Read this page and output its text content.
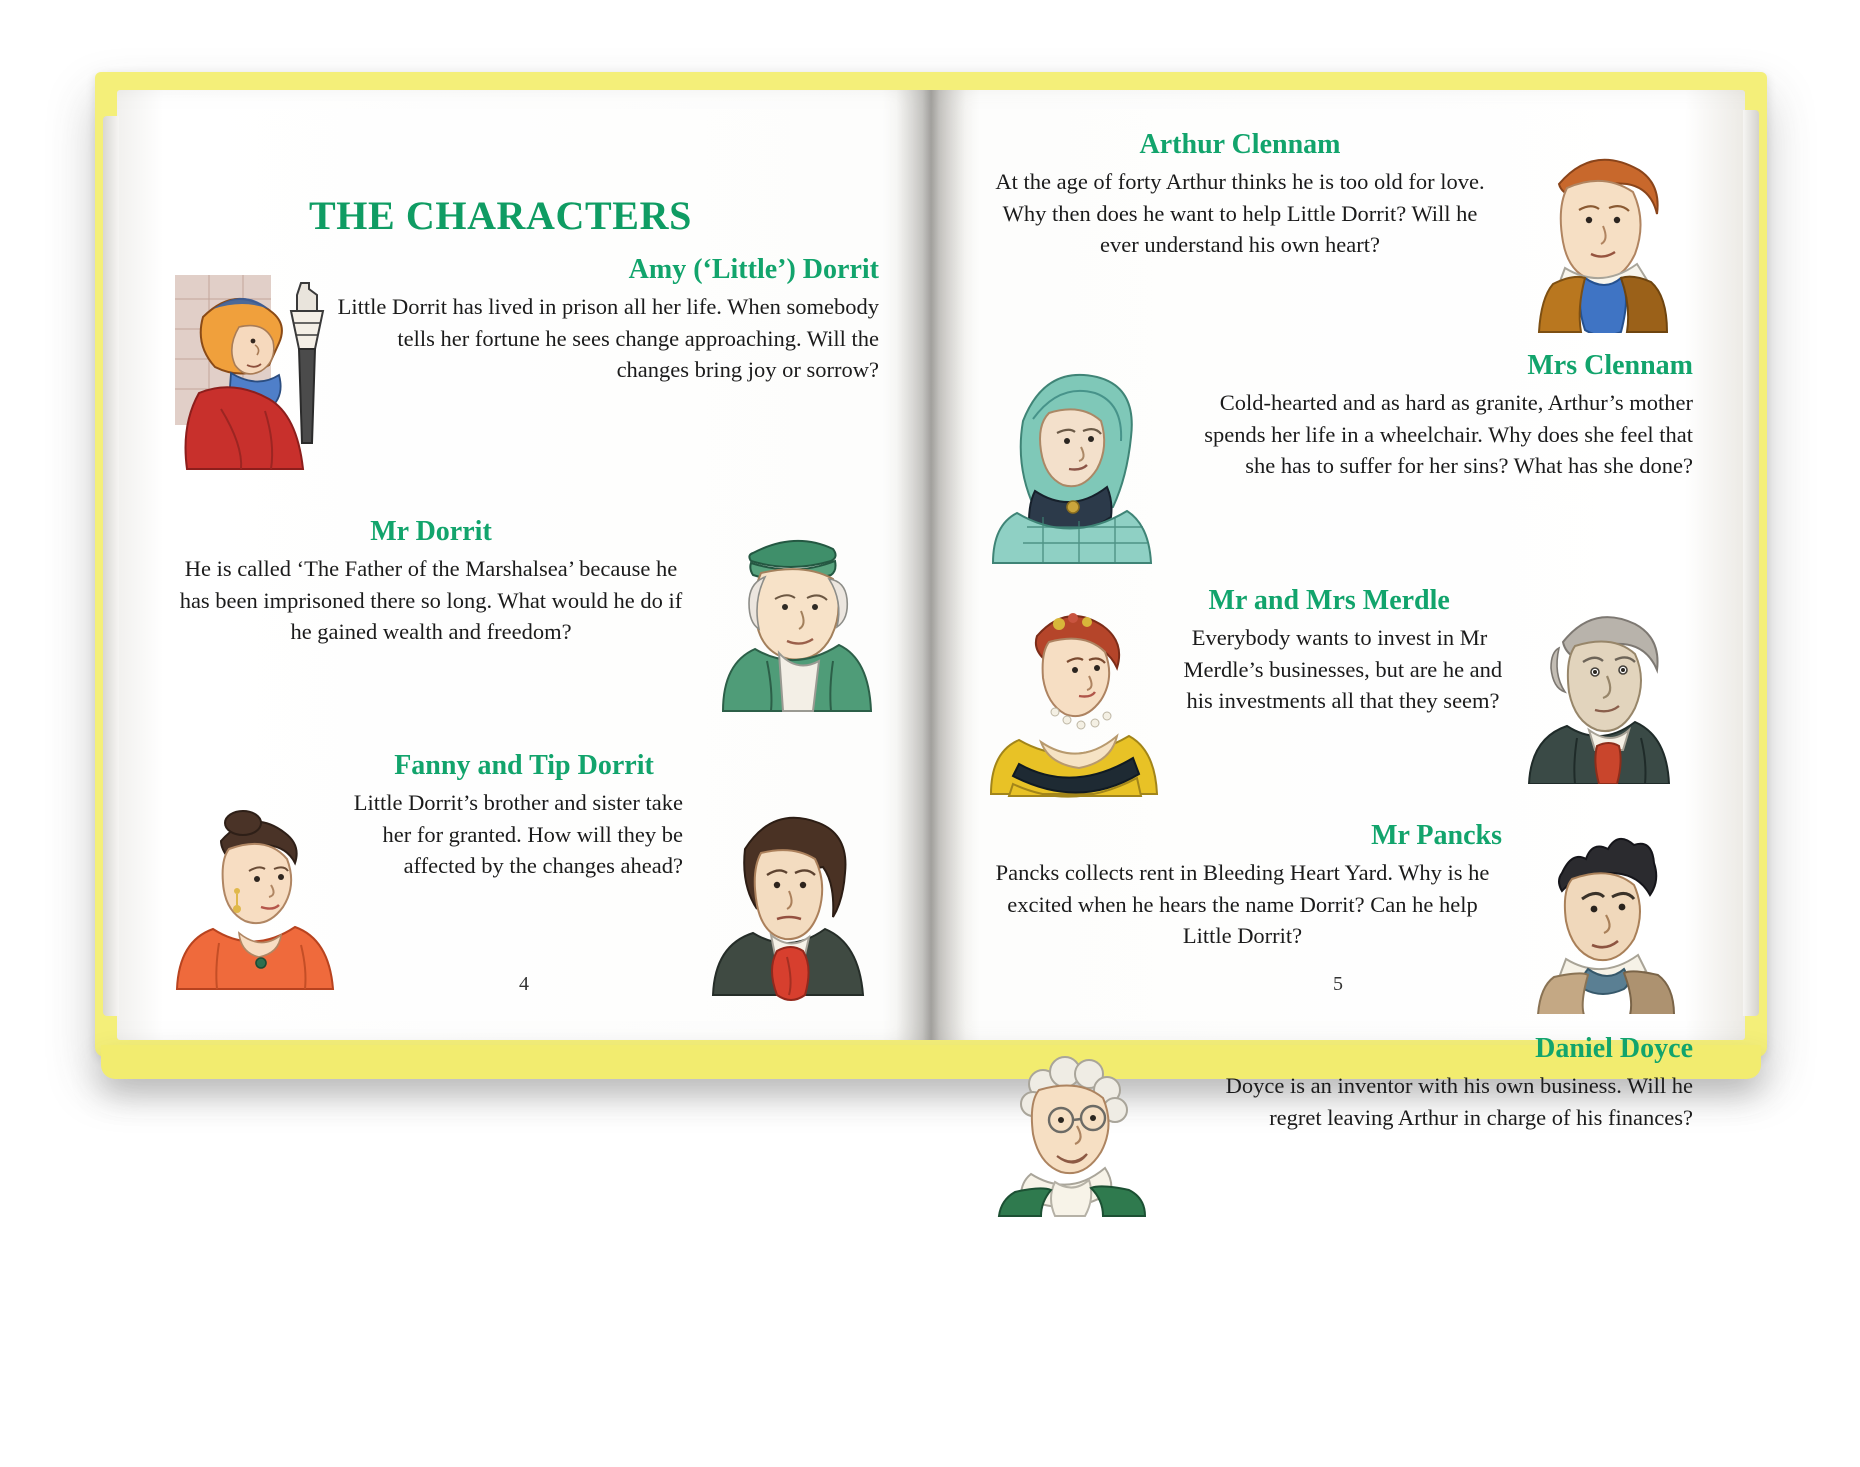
THE CHARACTERS
Amy (‘Little’) Dorrit

Little Dorrit has lived in prison all her life. When somebody tells her fortune he sees change approaching. Will the changes bring joy or sorrow?

Mr Dorrit

He is called ‘The Father of the Marshalsea’ because he has been imprisoned there so long. What would he do if he gained wealth and freedom?

Fanny and Tip Dorrit

Little Dorrit’s brother and sister take her for granted. How will they be affected by the changes ahead?

4
Arthur Clennam

At the age of forty Arthur thinks he is too old for love. Why then does he want to help Little Dorrit? Will he ever understand his own heart?

Mrs Clennam

Cold-hearted and as hard as granite, Arthur’s mother spends her life in a wheelchair. Why does she feel that she has to suffer for her sins? What has she done?

Mr and Mrs Merdle

Everybody wants to invest in Mr Merdle’s businesses, but are he and his investments all that they seem?

Mr Pancks

Pancks collects rent in Bleeding Heart Yard. Why is he excited when he hears the name Dorrit? Can he help Little Dorrit?

Daniel Doyce

Doyce is an inventor with his own business. Will he regret leaving Arthur in charge of his finances?

5
